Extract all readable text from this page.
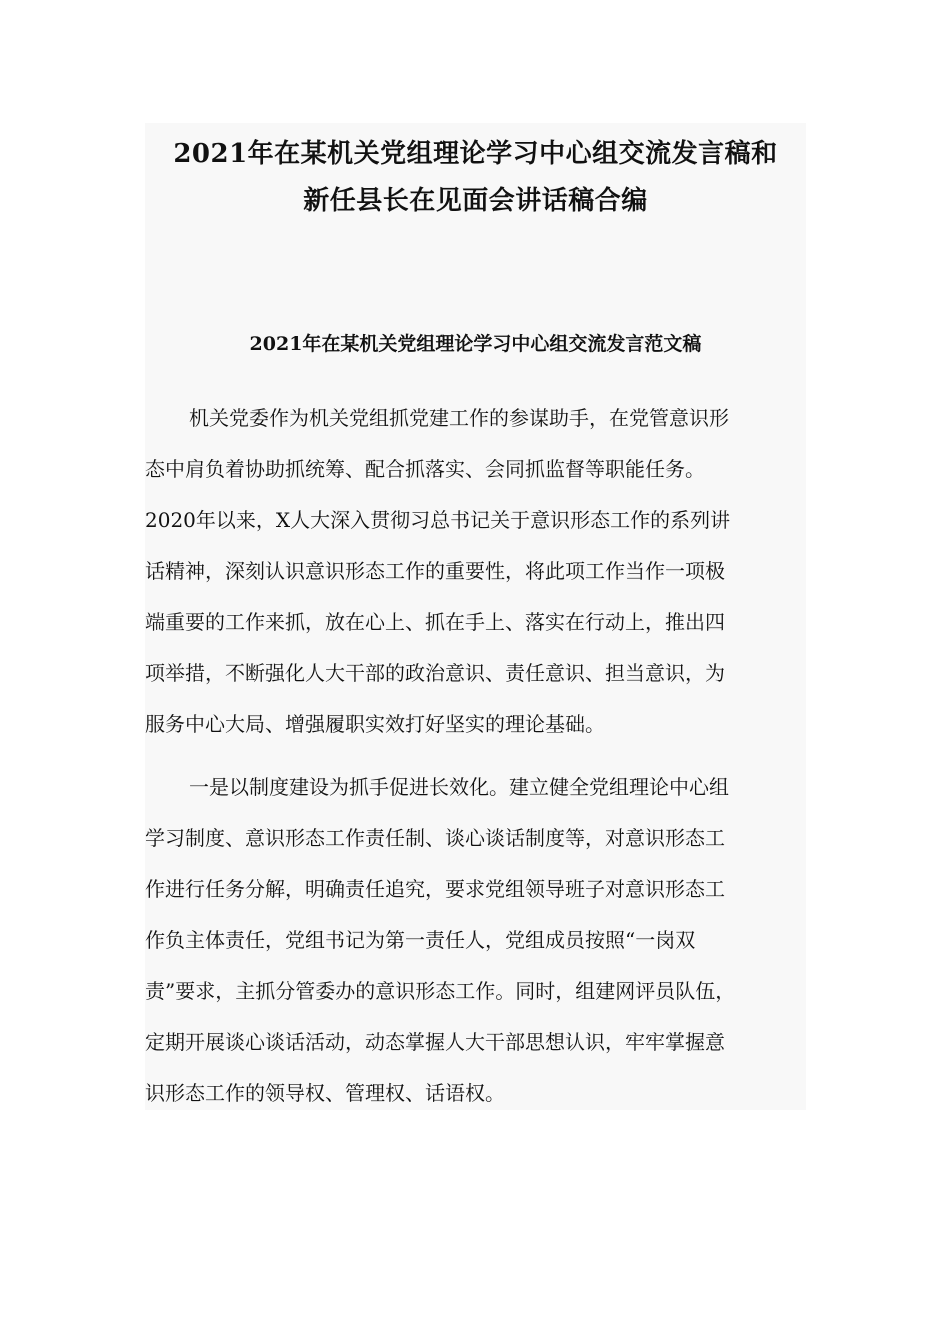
2021年在某机关党组理论学习中心组交流发言稿和
新任县长在见面会讲话稿合编
2021年在某机关党组理论学习中心组交流发言范文稿

机关党委作为机关党组抓党建工作的参谋助手，在党管意识形

态中肩负着协助抓统筹、配合抓落实、会同抓监督等职能任务。

2020年以来，X人大深入贯彻习总书记关于意识形态工作的系列讲

话精神，深刻认识意识形态工作的重要性，将此项工作当作一项极

端重要的工作来抓，放在心上、抓在手上、落实在行动上，推出四

项举措，不断强化人大干部的政治意识、责任意识、担当意识，为

服务中心大局、增强履职实效打好坚实的理论基础。

一是以制度建设为抓手促进长效化。建立健全党组理论中心组

学习制度、意识形态工作责任制、谈心谈话制度等，对意识形态工

作进行任务分解，明确责任追究，要求党组领导班子对意识形态工

作负主体责任，党组书记为第一责任人，党组成员按照“一岗双

责”要求，主抓分管委办的意识形态工作。同时，组建网评员队伍，

定期开展谈心谈话活动，动态掌握人大干部思想认识，牢牢掌握意

识形态工作的领导权、管理权、话语权。
